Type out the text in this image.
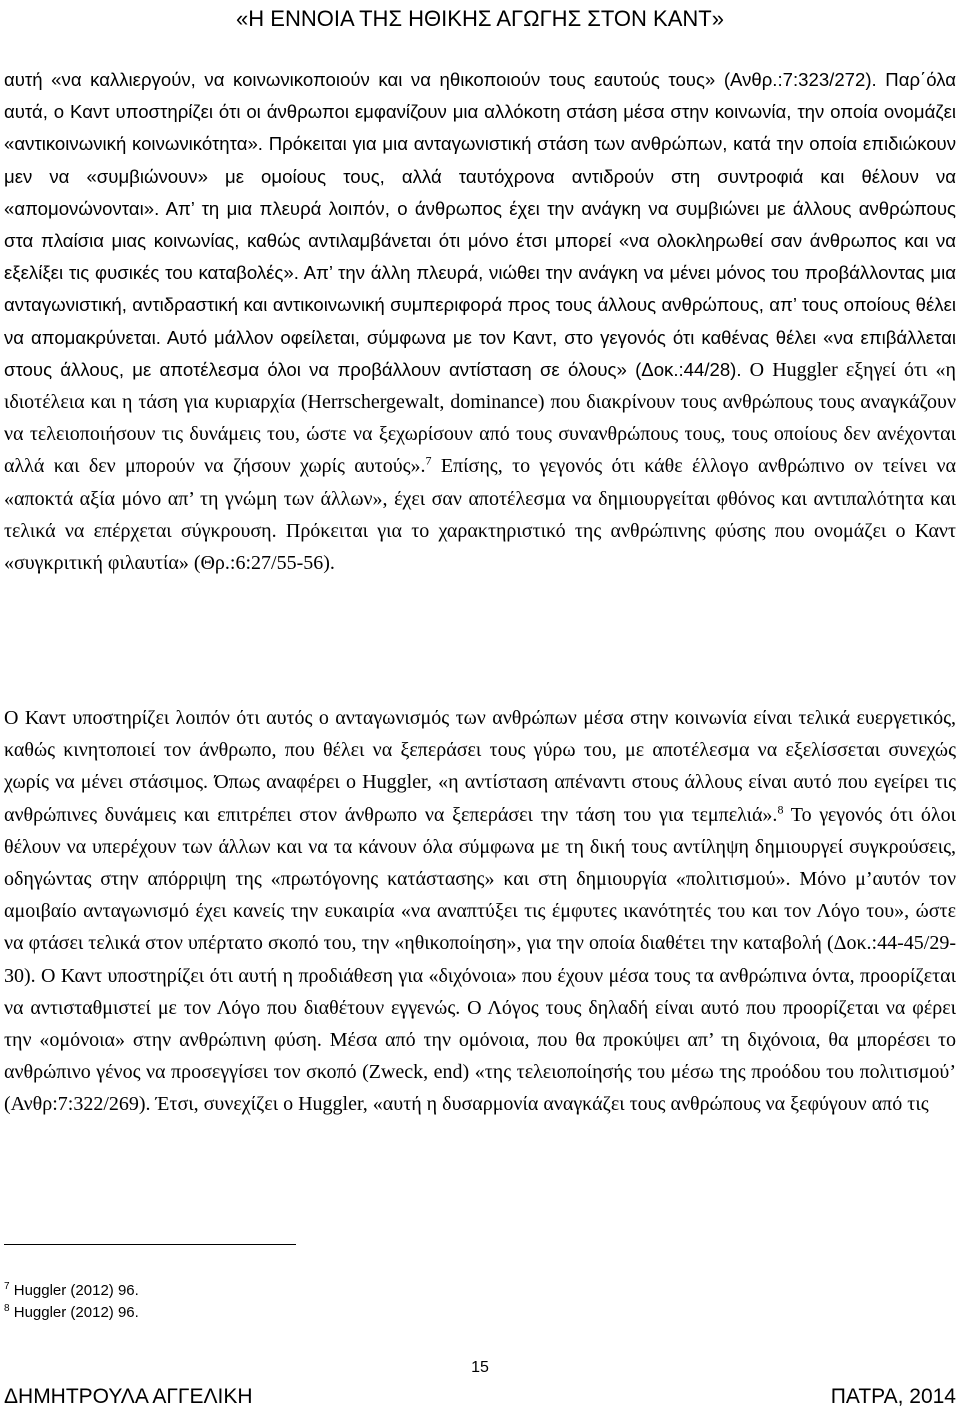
«Η ΕΝΝΟΙΑ ΤΗΣ ΗΘΙΚΗΣ ΑΓΩΓΗΣ ΣΤΟΝ ΚΑΝΤ»

αυτή «να καλλιεργούν, να κοινωνικοποιούν και να ηθικοποιούν τους εαυτούς τους» (Ανθρ.:7:323/272). Παρ΄όλα αυτά, ο Καντ υποστηρίζει ότι οι άνθρωποι εμφανίζουν μια αλλόκοτη στάση μέσα στην κοινωνία, την οποία ονομάζει «αντικοινωνική κοινωνικότητα». Πρόκειται για μια ανταγωνιστική στάση των ανθρώπων, κατά την οποία επιδιώκουν μεν να «συμβιώνουν» με ομοίους τους, αλλά ταυτόχρονα αντιδρούν στη συντροφιά και θέλουν να «απομονώνονται». Απ’ τη μια πλευρά λοιπόν, ο άνθρωπος έχει την ανάγκη να συμβιώνει με άλλους ανθρώπους στα πλαίσια μιας κοινωνίας, καθώς αντιλαμβάνεται ότι μόνο έτσι μπορεί «να ολοκληρωθεί σαν άνθρωπος και να εξελίξει τις φυσικές του καταβολές». Απ’ την άλλη πλευρά, νιώθει την ανάγκη να μένει μόνος του προβάλλοντας μια ανταγωνιστική, αντιδραστική και αντικοινωνική συμπεριφορά προς τους άλλους ανθρώπους, απ’ τους οποίους θέλει να απομακρύνεται. Αυτό μάλλον οφείλεται, σύμφωνα με τον Καντ, στο γεγονός ότι καθένας θέλει «να επιβάλλεται στους άλλους, με αποτέλεσμα όλοι να προβάλλουν αντίσταση σε όλους» (Δοκ.:44/28). Ο Huggler εξηγεί ότι «η ιδιοτέλεια και η τάση για κυριαρχία (Herrschergewalt, dominance) που διακρίνουν τους ανθρώπους τους αναγκάζουν να τελειοποιήσουν τις δυνάμεις του, ώστε να ξεχωρίσουν από τους συνανθρώπους τους, τους οποίους δεν ανέχονται αλλά και δεν μπορούν να ζήσουν χωρίς αυτούς».$^7$ Επίσης, το γεγονός ότι κάθε έλλογο ανθρώπινο ον τείνει να «αποκτά αξία μόνο απ’ τη γνώμη των άλλων», έχει σαν αποτέλεσμα να δημιουργείται φθόνος και αντιπαλότητα και τελικά να επέρχεται σύγκρουση. Πρόκειται για το χαρακτηριστικό της ανθρώπινης φύσης που ονομάζει ο Καντ «συγκριτική φιλαυτία» (Θρ.:6:27/55-56).

Ο Καντ υποστηρίζει λοιπόν ότι αυτός ο ανταγωνισμός των ανθρώπων μέσα στην κοινωνία είναι τελικά ευεργετικός, καθώς κινητοποιεί τον άνθρωπο, που θέλει να ξεπεράσει τους γύρω του, με αποτέλεσμα να εξελίσσεται συνεχώς χωρίς να μένει στάσιμος. Όπως αναφέρει ο Huggler, «η αντίσταση απέναντι στους άλλους είναι αυτό που εγείρει τις ανθρώπινες δυνάμεις και επιτρέπει στον άνθρωπο να ξεπεράσει την τάση του για τεμπελιά».$^8$ Το γεγονός ότι όλοι θέλουν να υπερέχουν των άλλων και να τα κάνουν όλα σύμφωνα με τη δική τους αντίληψη δημιουργεί συγκρούσεις, οδηγώντας στην απόρριψη της «πρωτόγονης κατάστασης» και στη δημιουργία «πολιτισμού». Μόνο μ’αυτόν τον αμοιβαίο ανταγωνισμό έχει κανείς την ευκαιρία «να αναπτύξει τις έμφυτες ικανότητές του και τον Λόγο του», ώστε να φτάσει τελικά στον υπέρτατο σκοπό του, την «ηθικοποίηση», για την οποία διαθέτει την καταβολή (Δοκ.:44-45/29-30). Ο Καντ υποστηρίζει ότι αυτή η προδιάθεση για «διχόνοια» που έχουν μέσα τους τα ανθρώπινα όντα, προορίζεται να αντισταθμιστεί με τον Λόγο που διαθέτουν εγγενώς. Ο Λόγος τους δηλαδή είναι αυτό που προορίζεται να φέρει την «ομόνοια» στην ανθρώπινη φύση. Μέσα από την ομόνοια, που θα προκύψει απ’ τη διχόνοια, θα μπορέσει το ανθρώπινο γένος να προσεγγίσει τον σκοπό (Zweck, end) «της τελειοποίησής του μέσω της προόδου του πολιτισμού’ (Ανθρ:7:322/269). Έτσι, συνεχίζει ο Huggler, «αυτή η δυσαρμονία αναγκάζει τους ανθρώπους να ξεφύγουν από τις

$^7$ Huggler (2012) 96.
$^8$ Huggler (2012) 96.
15
ΔΗΜΗΤΡΟΥΛΑ ΑΓΓΕΛΙΚΗ	ΠΑΤΡΑ, 2014
